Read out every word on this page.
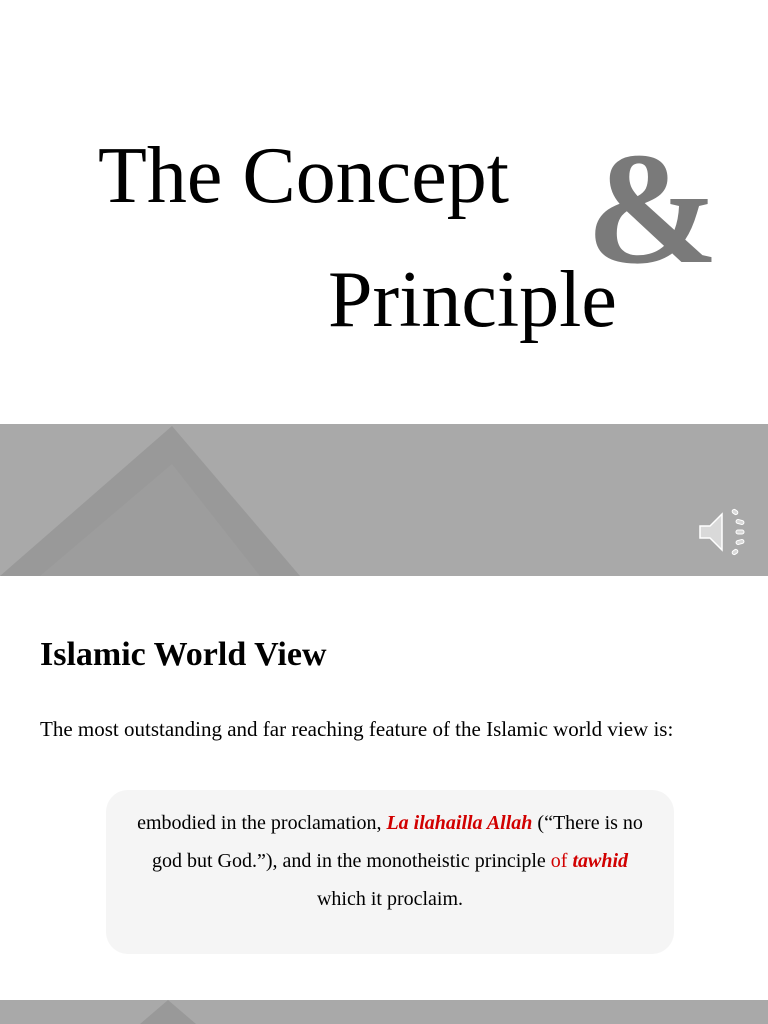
The Concept &
Principle
Islamic World View
The most outstanding and far reaching feature of the Islamic world view is:
embodied in the proclamation, La ilahailla Allah (“There is no god but God.”), and in the monotheistic principle of tawhid which it proclaim.
